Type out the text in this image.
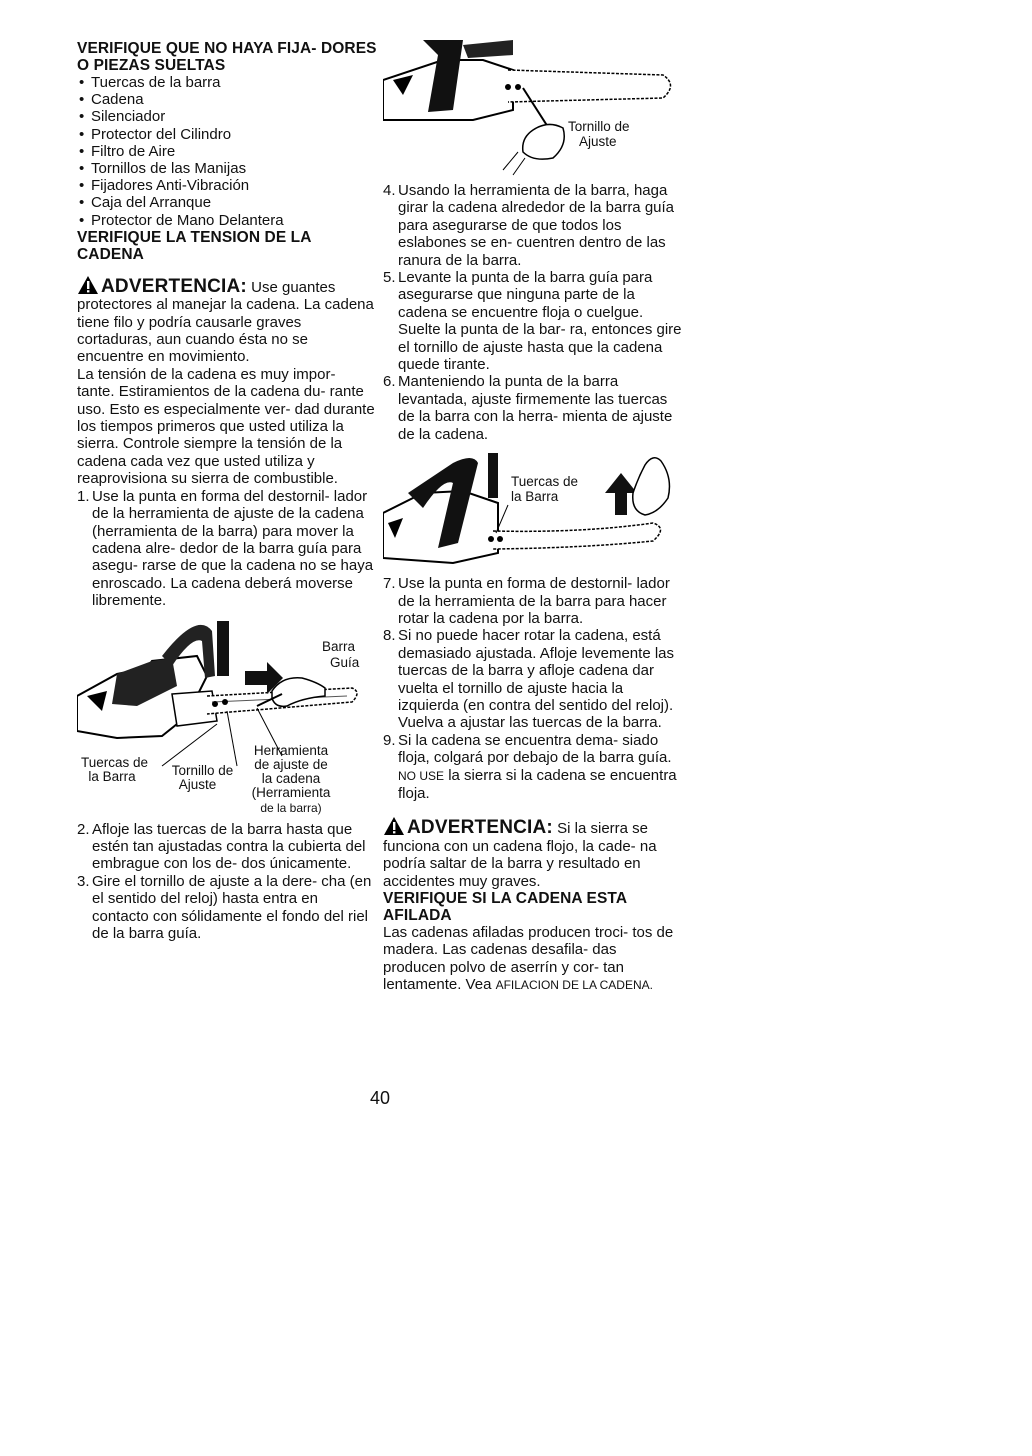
VERIFIQUE QUE NO HAYA FIJA- DORES O PIEZAS SUELTAS
• Tuercas de la barra
• Cadena
• Silenciador
• Protector del Cilindro
• Filtro de Aire
• Tornillos de las Manijas
• Fijadores Anti-Vibración
• Caja del Arranque
• Protector de Mano Delantera
VERIFIQUE LA TENSION DE LA CADENA
ADVERTENCIA: Use guantes protectores al manejar la cadena. La cadena tiene filo y podría causarle graves cortaduras, aun cuando ésta no se encuentre en movimiento.

La tensión de la cadena es muy impor- tante. Estiramientos de la cadena du- rante uso. Esto es especialmente ver- dad durante los tiempos primeros que usted utiliza la sierra. Controle siempre la tensión de la cadena cada vez que usted utiliza y reaprovisiona su sierra de combustible.

1. Use la punta en forma del destornil- lador de la herramienta de ajuste de la cadena (herramienta de la barra) para mover la cadena alre- dedor de la barra guía para asegu- rarse de que la cadena no se haya enroscado. La cadena deberá moverse libremente.
Barra
Guía
Tuercas de
la Barra	Tornillo de
Ajuste
Herramienta
de ajuste de
la cadena
(Herramienta
de la barra)
2. Afloje las tuercas de la barra hasta que estén tan ajustadas contra la cubierta del embrague con los de- dos únicamente.
3. Gire el tornillo de ajuste a la dere- cha (en el sentido del reloj) hasta entra en contacto con sólidamente el fondo del riel de la barra guía.
Tornillo de
Ajuste
4. Usando la herramienta de la barra, haga girar la cadena alrededor de la barra guía para asegurarse de que todos los eslabones se en- cuentren dentro de las ranura de la barra.
5. Levante la punta de la barra guía para asegurarse que ninguna parte de la cadena se encuentre floja o cuelgue. Suelte la punta de la bar- ra, entonces gire el tornillo de ajuste hasta que la cadena quede tirante.
6. Manteniendo la punta de la barra levantada, ajuste firmemente las tuercas de la barra con la herra- mienta de ajuste de la cadena.
Tuercas de
la Barra
7. Use la punta en forma de destornil- lador de la herramienta de la barra para hacer rotar la cadena por la barra.
8. Si no puede hacer rotar la cadena, está demasiado ajustada. Afloje levemente las tuercas de la barra y afloje cadena dar vuelta el tornillo de ajuste hacia la izquierda (en contra del sentido del reloj). Vuelva a ajustar las tuercas de la barra.
9. Si la cadena se encuentra dema- siado floja, colgará por debajo de la barra guía. NO USE la sierra si la cadena se encuentra floja.
ADVERTENCIA: Si la sierra se funciona con un cadena flojo, la cade- na podría saltar de la barra y resultado en accidentes muy graves.
VERIFIQUE SI LA CADENA ESTA AFILADA

Las cadenas afiladas producen troci- tos de madera. Las cadenas desafila- das producen polvo de aserrín y cor- tan lentamente. Vea AFILACION DE LA CADENA.

40
